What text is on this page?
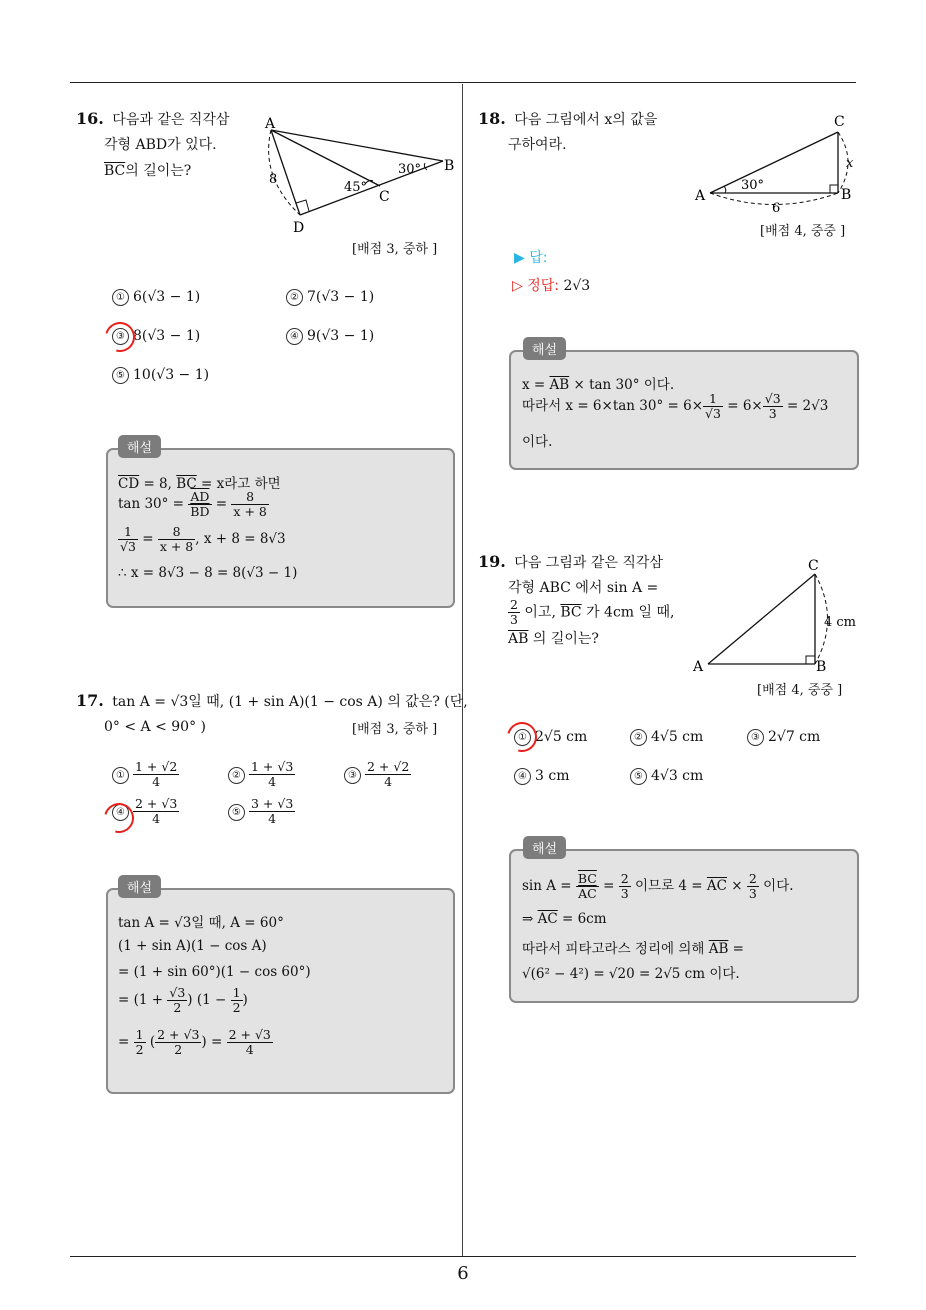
16. 다음과 같은 직각삼
각형 ABD가 있다.
$\overline{BC}$의 길이는?
A
B
C
D
8
30°
45°
[배점 3, 중하 ]
① 6(√3 − 1)	② 7(√3 − 1)
③ 8(√3 − 1)	④ 9(√3 − 1)
⑤ 10(√3 − 1)
해설
$\overline{CD} = 8$, $\overline{BC} = x$라고 하면
$\tan 30^\circ = \frac{\overline{AD}}{BD} = \frac{8}{x + 8}$
$\frac{1}{√3} = \frac{8}{x + 8}$ , x + 8 = 8√3
∴ x = 8√3 − 8 = 8(√3 − 1)
17. tan A = √3일 때, (1 + sin A)(1 − cos A) 의 값은? (단,
0° < A < 90° )	[배점 3, 중하 ]
① $\frac{1 + √2}{4}$	② $\frac{1 + √3}{4}$	③ $\frac{2 + √2}{4}$
④ $\frac{2 + √3}{4}$	⑤ $\frac{3 + √3}{4}$
해설
tan A = √3일 때, A = 60°
(1 + sin A)(1 − cos A)
= (1 + sin 60°)(1 − cos 60°)
= ($1 + \frac{√3}{2}$ ) ($1 - \frac{1}{2}$ )
= $\frac{1}{2}$ ( $\frac{2 + √3}{2}$ ) = $\frac{2 + √3}{4}$
18. 다음 그림에서 x의 값을
구하여라.
A	B
C
x
30°
6
[배점 4, 중중 ]
▶ 답:
▷ 정답: 2√3
해설
$x = \overline{AB} \times \tan 30^\circ$ 이다.
따라서 x = 6×tan $30^\circ = 6\times \frac{1}{√3} = 6\times \frac{√3}{3} = 2√3$
이다.
19. 다음 그림과 같은 직각삼
각형 ABC 에서 sin A =
$\frac{2}{3}$ 이고, $\overline{BC}$ 가 4cm 일 때,
$\overline{AB}$ 의 길이는?
A	B
C
4 cm
[배점 4, 중중 ]
① 2√5 cm	② 4√5 cm	③ 2√7 cm
④ 3 cm	⑤ 4√3 cm
해설
$\sin A = \frac{\overline{BC}}{AC} = \frac{2}{3}$ 이므로 $4 = \overline{AC} \times \frac{2}{3}$ 이다.
⇒ $\overline{AC} = 6cm$
따라서 피타고라스 정리에 의해 $\overline{AB}$ =
√(6² − 4²) = √20 = 2√5 cm 이다.
6
